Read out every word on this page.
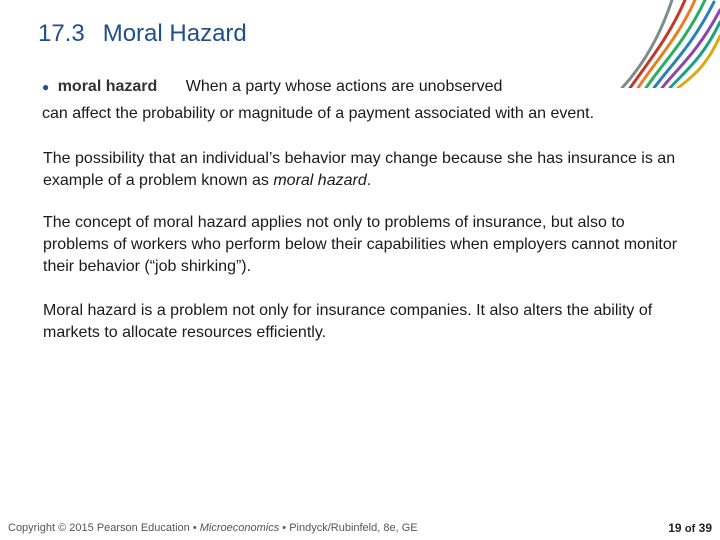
17.3 Moral Hazard
● moral hazard When a party whose actions are unobserved
can affect the probability or magnitude of a payment associated with an event.

The possibility that an individual’s behavior may change because she has insurance is an example of a problem known as moral hazard.

The concept of moral hazard applies not only to problems of insurance, but also to problems of workers who perform below their capabilities when employers cannot monitor their behavior (“job shirking”).

Moral hazard is a problem not only for insurance companies. It also alters the ability of markets to allocate resources efficiently.

Copyright © 2015 Pearson Education • Microeconomics • Pindyck/Rubinfeld, 8e, GE	19 of 39
